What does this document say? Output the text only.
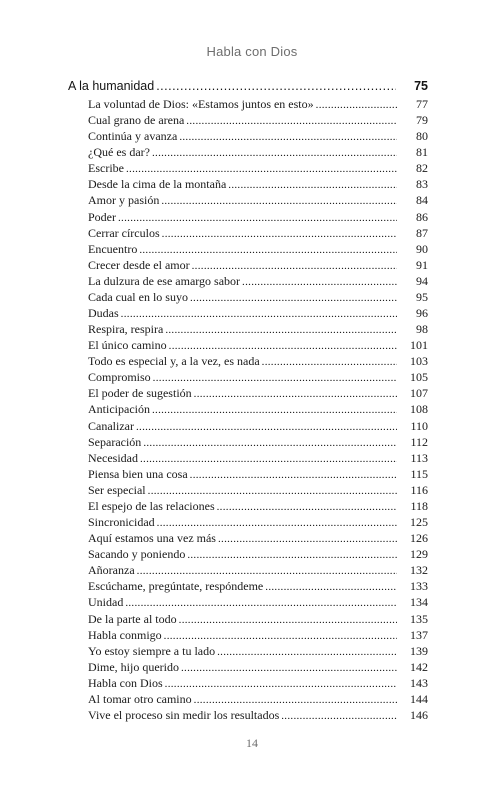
Habla con Dios
A la humanidad .....	75
La voluntad de Dios: «Estamos juntos en esto» .....	77
Cual grano de arena .....	79
Continúa y avanza .....	80
¿Qué es dar? .....	81
Escribe .....	82
Desde la cima de la montaña .....	83
Amor y pasión .....	84
Poder .....	86
Cerrar círculos .....	87
Encuentro .....	90
Crecer desde el amor .....	91
La dulzura de ese amargo sabor .....	94
Cada cual en lo suyo .....	95
Dudas .....	96
Respira, respira .....	98
El único camino .....	101
Todo es especial y, a la vez, es nada .....	103
Compromiso .....	105
El poder de sugestión .....	107
Anticipación .....	108
Canalizar .....	110
Separación .....	112
Necesidad .....	113
Piensa bien una cosa .....	115
Ser especial .....	116
El espejo de las relaciones .....	118
Sincronicidad .....	125
Aquí estamos una vez más .....	126
Sacando y poniendo .....	129
Añoranza .....	132
Escúchame, pregúntate, respóndeme .....	133
Unidad .....	134
De la parte al todo .....	135
Habla conmigo .....	137
Yo estoy siempre a tu lado .....	139
Dime, hijo querido .....	142
Habla con Dios .....	143
Al tomar otro camino .....	144
Vive el proceso sin medir los resultados .....	146
14
